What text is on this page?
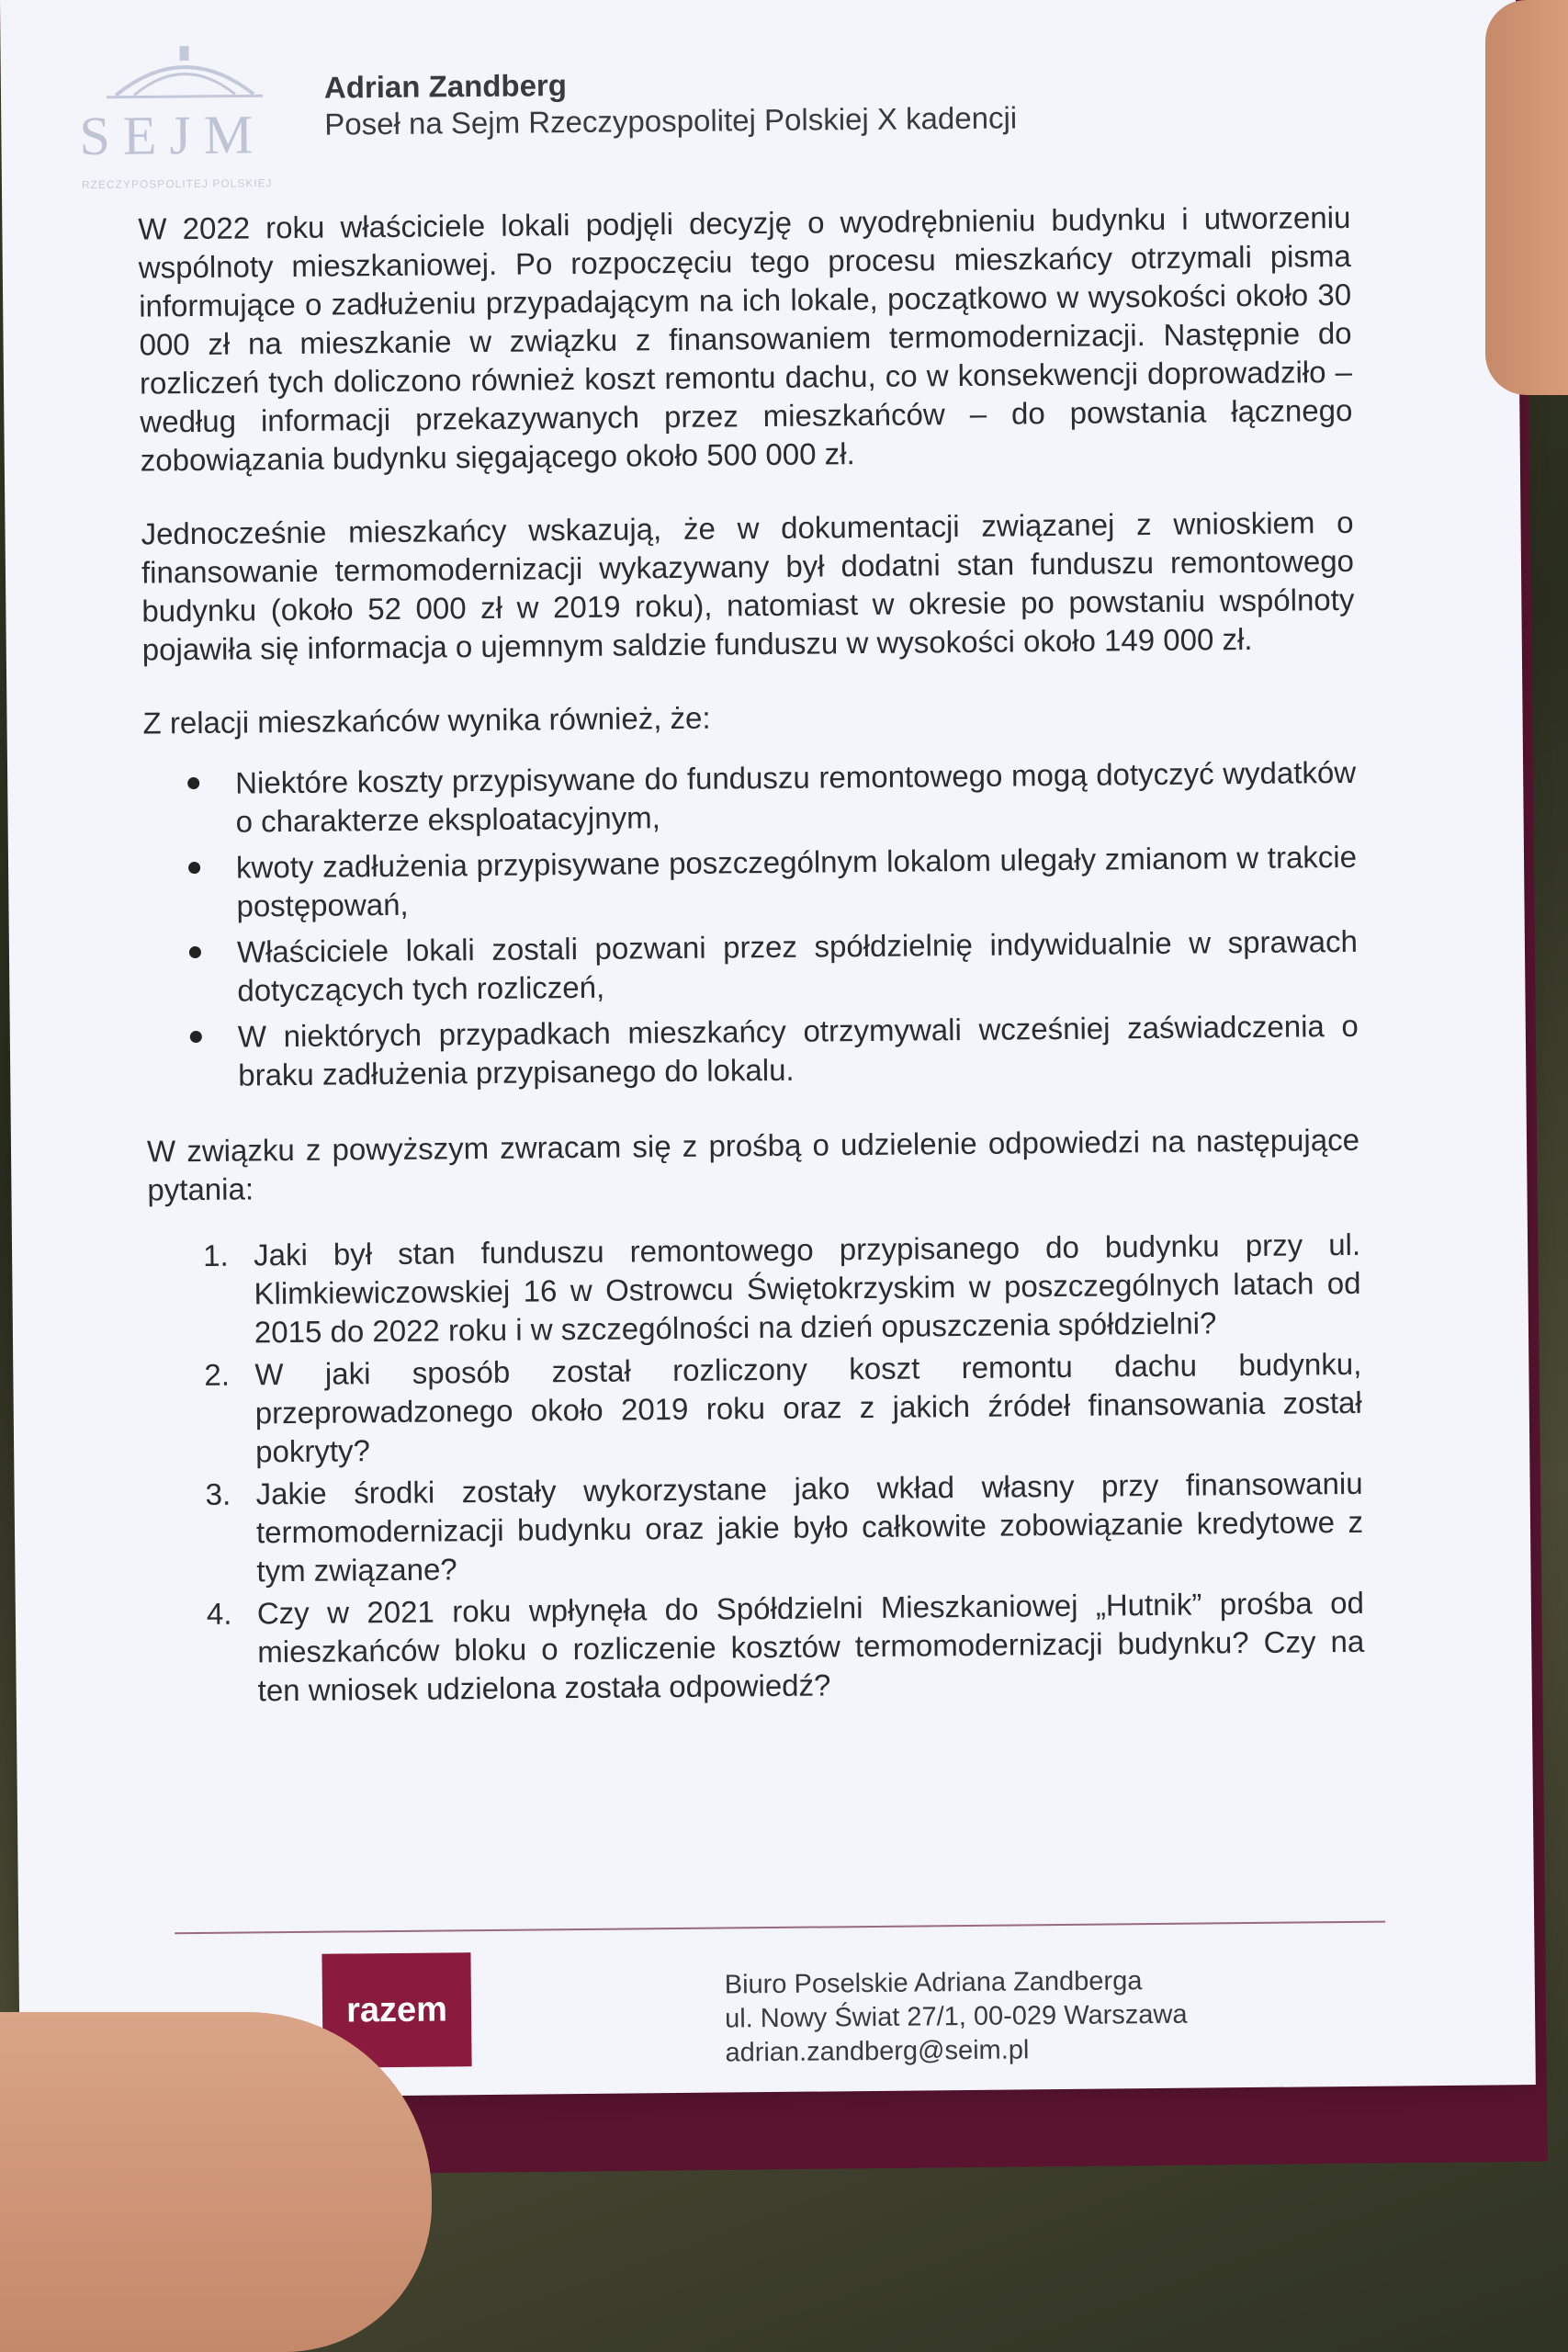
SEJM
RZECZYPOSPOLITEJ POLSKIEJ
Adrian Zandberg
Poseł na Sejm Rzeczypospolitej Polskiej X kadencji

W 2022 roku właściciele lokali podjęli decyzję o wyodrębnieniu budynku i utworzeniu wspólnoty mieszkaniowej. Po rozpoczęciu tego procesu mieszkańcy otrzymali pisma informujące o zadłużeniu przypadającym na ich lokale, początkowo w wysokości około 30 000 zł na mieszkanie w związku z finansowaniem termomodernizacji. Następnie do rozliczeń tych doliczono również koszt remontu dachu, co w konsekwencji doprowadziło – według informacji przekazywanych przez mieszkańców – do powstania łącznego zobowiązania budynku sięgającego około 500 000 zł.

Jednocześnie mieszkańcy wskazują, że w dokumentacji związanej z wnioskiem o finansowanie termomodernizacji wykazywany był dodatni stan funduszu remontowego budynku (około 52 000 zł w 2019 roku), natomiast w okresie po powstaniu wspólnoty pojawiła się informacja o ujemnym saldzie funduszu w wysokości około 149 000 zł.

Z relacji mieszkańców wynika również, że:

Niektóre koszty przypisywane do funduszu remontowego mogą dotyczyć wydatków o charakterze eksploatacyjnym,
kwoty zadłużenia przypisywane poszczególnym lokalom ulegały zmianom w trakcie postępowań,
Właściciele lokali zostali pozwani przez spółdzielnię indywidualnie w sprawach dotyczących tych rozliczeń,
W niektórych przypadkach mieszkańcy otrzymywali wcześniej zaświadczenia o braku zadłużenia przypisanego do lokalu.

W związku z powyższym zwracam się z prośbą o udzielenie odpowiedzi na następujące pytania:

1. Jaki był stan funduszu remontowego przypisanego do budynku przy ul. Klimkiewiczowskiej 16 w Ostrowcu Świętokrzyskim w poszczególnych latach od 2015 do 2022 roku i w szczególności na dzień opuszczenia spółdzielni?
2. W jaki sposób został rozliczony koszt remontu dachu budynku, przeprowadzonego około 2019 roku oraz z jakich źródeł finansowania został pokryty?
3. Jakie środki zostały wykorzystane jako wkład własny przy finansowaniu termomodernizacji budynku oraz jakie było całkowite zobowiązanie kredytowe z tym związane?
4. Czy w 2021 roku wpłynęła do Spółdzielni Mieszkaniowej „Hutnik” prośba od mieszkańców bloku o rozliczenie kosztów termomodernizacji budynku? Czy na ten wniosek udzielona została odpowiedź?
razem
Biuro Poselskie Adriana Zandberga
ul. Nowy Świat 27/1, 00-029 Warszawa
adrian.zandberg@seim.pl
